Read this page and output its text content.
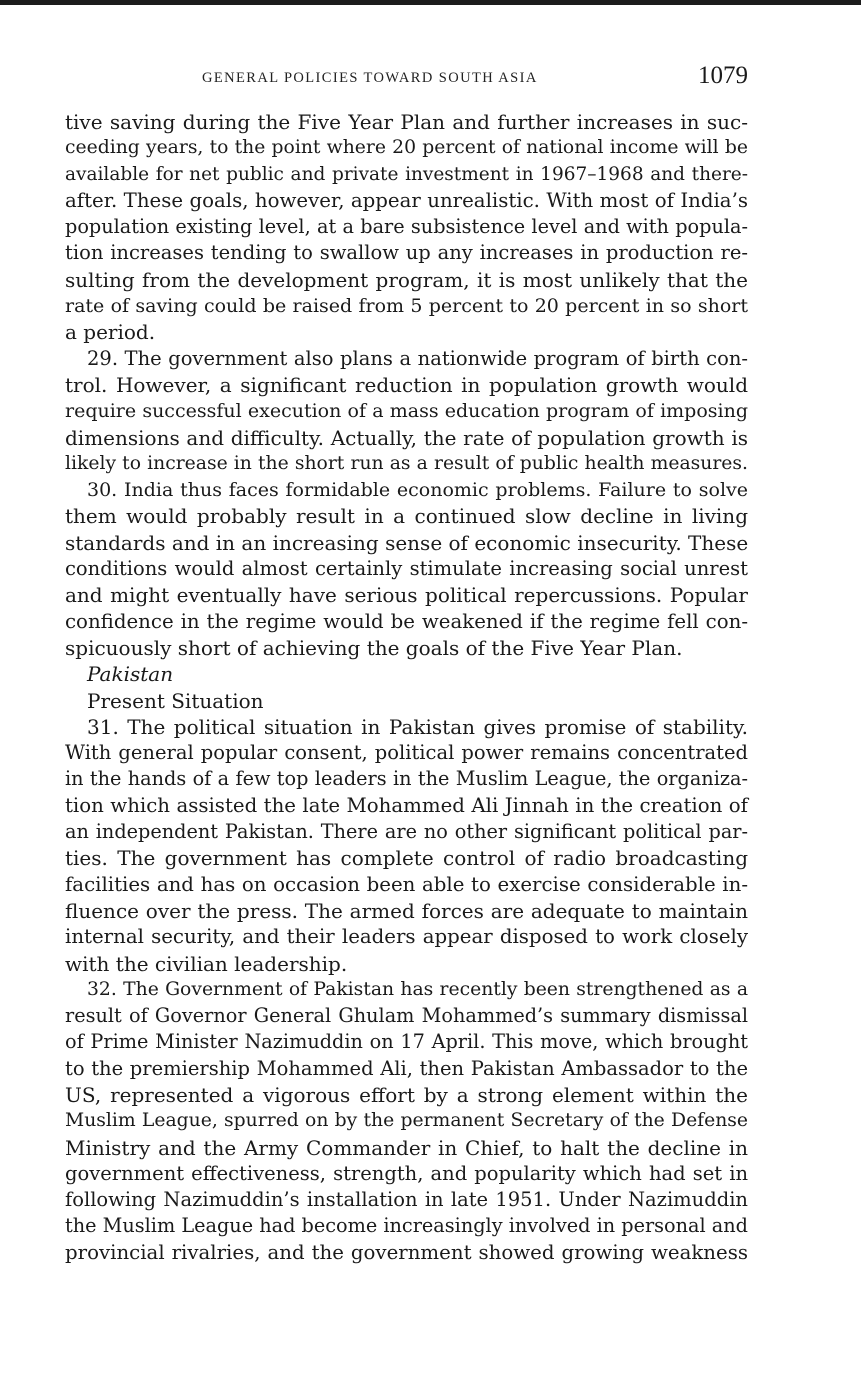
GENERAL POLICIES TOWARD SOUTH ASIA	1079
tive saving during the Five Year Plan and further increases in suc-
ceeding years, to the point where 20 percent of national income will be
available for net public and private investment in 1967–1968 and there-
after. These goals, however, appear unrealistic. With most of India’s
population existing level, at a bare subsistence level and with popula-
tion increases tending to swallow up any increases in production re-
sulting from the development program, it is most unlikely that the
rate of saving could be raised from 5 percent to 20 percent in so short
a period.
29. The government also plans a nationwide program of birth con-
trol. However, a significant reduction in population growth would
require successful execution of a mass education program of imposing
dimensions and difficulty. Actually, the rate of population growth is
likely to increase in the short run as a result of public health measures.
30. India thus faces formidable economic problems. Failure to solve
them would probably result in a continued slow decline in living
standards and in an increasing sense of economic insecurity. These
conditions would almost certainly stimulate increasing social unrest
and might eventually have serious political repercussions. Popular
confidence in the regime would be weakened if the regime fell con-
spicuously short of achieving the goals of the Five Year Plan.
Pakistan
Present Situation
31. The political situation in Pakistan gives promise of stability.
With general popular consent, political power remains concentrated
in the hands of a few top leaders in the Muslim League, the organiza-
tion which assisted the late Mohammed Ali Jinnah in the creation of
an independent Pakistan. There are no other significant political par-
ties. The government has complete control of radio broadcasting
facilities and has on occasion been able to exercise considerable in-
fluence over the press. The armed forces are adequate to maintain
internal security, and their leaders appear disposed to work closely
with the civilian leadership.
32. The Government of Pakistan has recently been strengthened as a
result of Governor General Ghulam Mohammed’s summary dismissal
of Prime Minister Nazimuddin on 17 April. This move, which brought
to the premiership Mohammed Ali, then Pakistan Ambassador to the
US, represented a vigorous effort by a strong element within the
Muslim League, spurred on by the permanent Secretary of the Defense
Ministry and the Army Commander in Chief, to halt the decline in
government effectiveness, strength, and popularity which had set in
following Nazimuddin’s installation in late 1951. Under Nazimuddin
the Muslim League had become increasingly involved in personal and
provincial rivalries, and the government showed growing weakness
